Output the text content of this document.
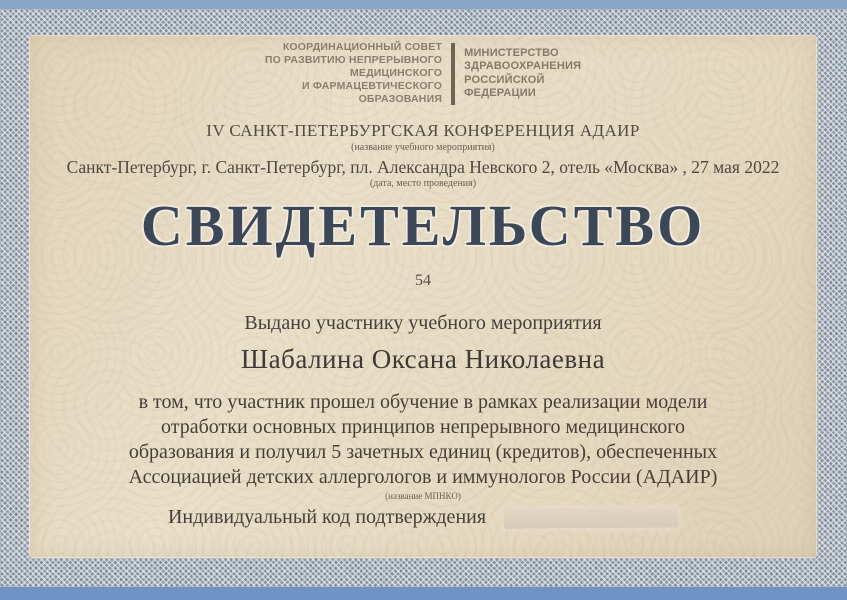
КООРДИНАЦИОННЫЙ СОВЕТ
ПО РАЗВИТИЮ НЕПРЕРЫВНОГО
МЕДИЦИНСКОГО
И ФАРМАЦЕВТИЧЕСКОГО
ОБРАЗОВАНИЯ
МИНИСТЕРСТВО
ЗДРАВООХРАНЕНИЯ
РОССИЙСКОЙ
ФЕДЕРАЦИИ
IV САНКТ-ПЕТЕРБУРГСКАЯ КОНФЕРЕНЦИЯ АДАИР
(название учебного мероприятия)
Санкт-Петербург, г. Санкт-Петербург, пл. Александра Невского 2, отель «Москва» , 27 мая 2022
(дата, место проведения)
СВИДЕТЕЛЬСТВО
54
Выдано участнику учебного мероприятия
Шабалина Оксана Николаевна
в том, что участник прошел обучение в рамках реализации модели
отработки основных принципов непрерывного медицинского
образования и получил 5 зачетных единиц (кредитов), обеспеченных
Ассоциацией детских аллергологов и иммунологов России (АДАИР)
(название МПНКО)
Индивидуальный код подтверждения
